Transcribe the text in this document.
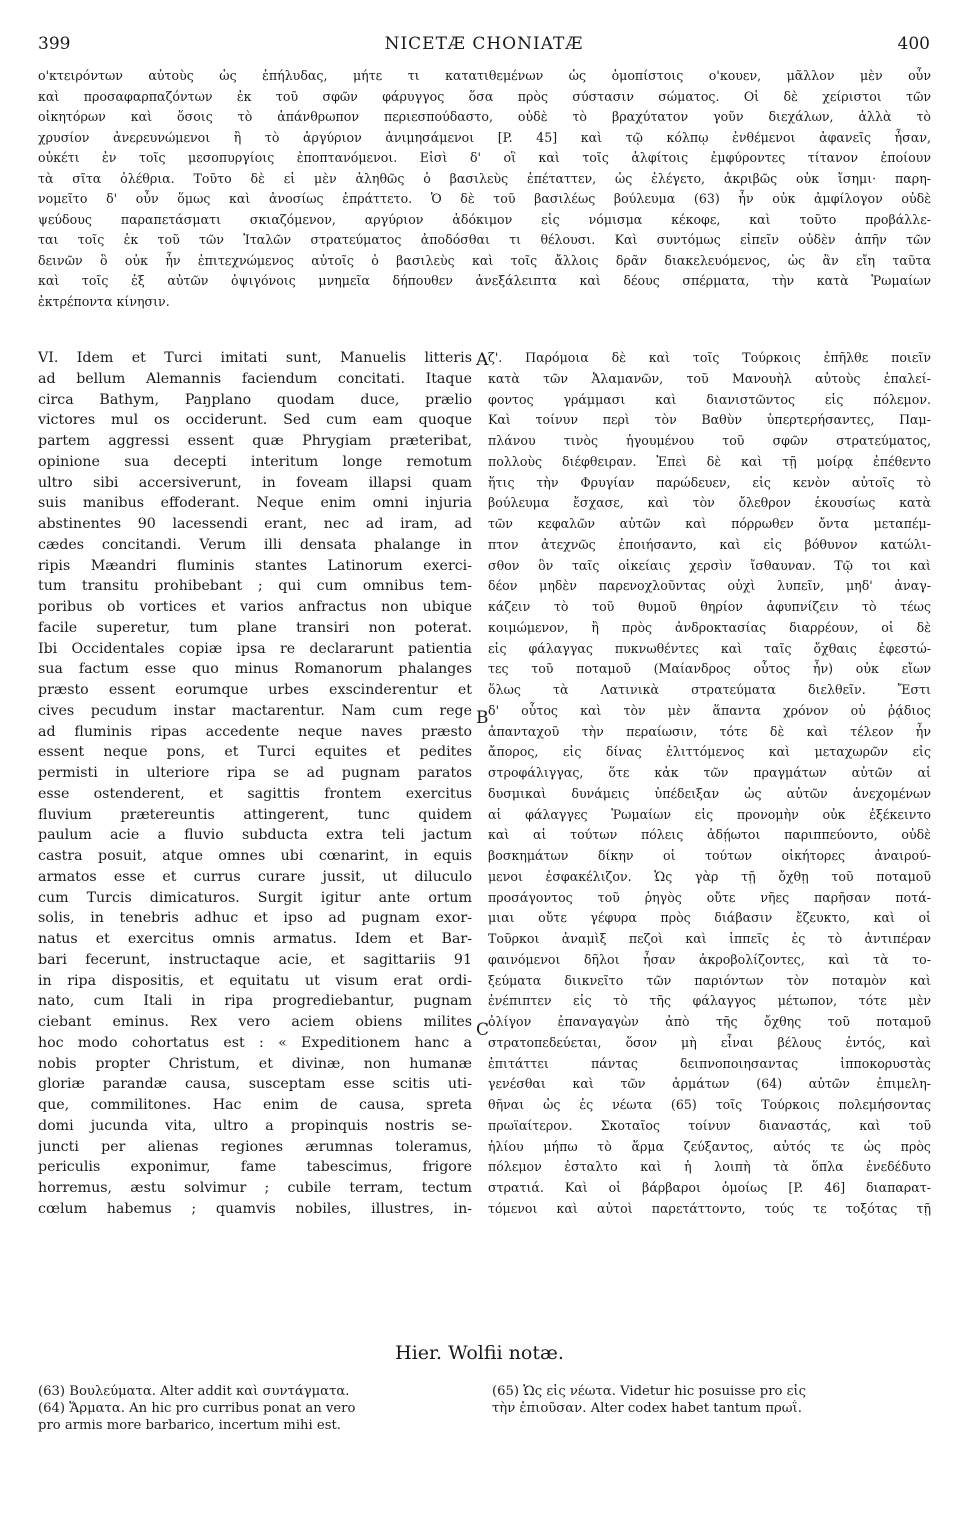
399	NICETÆ CHONIATÆ	400
ο'κτειρόντων αὐτοὺς ὡς ἐπήλυδας, μήτε τι κατατιθεμένων ὡς ὁμοπίστοις ο'κουεν, μᾶλλον μὲν οὖν
καὶ προσαφαρπαζόντων ἐκ τοῦ σφῶν φάρυγγος ὅσα πρὸς σύστασιν σώματος. Οἱ δὲ χείριστοι τῶν
οἰκητόρων καὶ ὅσοις τὸ ἀπάνθρωπον περιεσπούδαστο, οὐδὲ τὸ βραχύτατον γοῦν διεχάλων, ἀλλὰ τὸ
χρυσίον ἀνερευνώμενοι ἢ τὸ ἀργύριον ἀνιμησάμενοι [P. 45] καὶ τῷ κόλπῳ ἐνθέμενοι ἀφανεῖς ἦσαν,
οὐκέτι ἐν τοῖς μεσοπυργίοις ἐποπτανόμενοι. Εἰσὶ δ' οἳ καὶ τοῖς ἀλφίτοις ἐμφύροντες τίτανον ἐποίουν
τὰ σῖτα ὀλέθρια. Τοῦτο δὲ εἰ μὲν ἀληθῶς ὁ βασιλεὺς ἐπέταττεν, ὡς ἐλέγετο, ἀκριβῶς οὐκ ἴσημι· παρη-
νομεῖτο δ' οὖν ὅμως καὶ ἀνοσίως ἐπράττετο. Ὁ δὲ τοῦ βασιλέως βούλευμα (63) ἦν οὐκ ἀμφίλογον οὐδὲ
ψεύδους παραπετάσματι σκιαζόμενον, αργύριον ἀδόκιμον εἰς νόμισμα κέκοφε, καὶ τοῦτο προβάλλε-
ται τοῖς ἐκ τοῦ τῶν Ἰταλῶν στρατεύματος ἀποδόσθαι τι θέλουσι. Καὶ συντόμως εἰπεῖν οὐδὲν ἀπῆν τῶν
δεινῶν ὃ οὐκ ἦν ἐπιτεχνώμενος αὐτοῖς ὁ βασιλεὺς καὶ τοῖς ἄλλοις δρᾶν διακελευόμενος, ὡς ἂν εἴη ταῦτα
καὶ τοῖς ἐξ αὐτῶν ὀψιγόνοις μνημεῖα δήπουθεν ἀνεξάλειπτα καὶ δέους σπέρματα, τὴν κατὰ Ῥωμαίων
ἐκτρέποντα κίνησιν.
VI. Idem et Turci imitati sunt, Manuelis litteris
ad bellum Alemannis faciendum concitati. Itaque
circa Bathym, Paŋplano quodam duce, prælio
victores mul os occiderunt. Sed cum eam quoque
partem aggressi essent quæ Phrygiam præteribat,
opinione sua decepti interitum longe remotum
ultro sibi accersiverunt, in foveam illapsi quam
suis manibus effoderant. Neque enim omni injuria
abstinentes 90 lacessendi erant, nec ad iram, ad
cædes concitandi. Verum illi densata phalange in
ripis Mæandri fluminis stantes Latinorum exerci-
tum transitu prohibebant ; qui cum omnibus tem-
poribus ob vortices et varios anfractus non ubique
facile superetur, tum plane transiri non poterat.
Ibi Occidentales copiæ ipsa re declararunt patientia
sua factum esse quo minus Romanorum phalanges
præsto essent eorumque urbes exscinderentur et
cives pecudum instar mactarentur. Nam cum rege
ad fluminis ripas accedente neque naves præsto
essent neque pons, et Turci equites et pedites
permisti in ulteriore ripa se ad pugnam paratos
esse ostenderent, et sagittis frontem exercitus
fluvium prætereuntis attingerent, tunc quidem
paulum acie a fluvio subducta extra teli jactum
castra posuit, atque omnes ubi cœnarint, in equis
armatos esse et currus curare jussit, ut diluculo
cum Turcis dimicaturos. Surgit igitur ante ortum
solis, in tenebris adhuc et ipso ad pugnam exor-
natus et exercitus omnis armatus. Idem et Bar-
bari fecerunt, instructaque acie, et sagittariis 91
in ripa dispositis, et equitatu ut visum erat ordi-
nato, cum Itali in ripa progrediebantur, pugnam
ciebant eminus. Rex vero aciem obiens milites
hoc modo cohortatus est : « Expeditionem hanc a
nobis propter Christum, et divinæ, non humanæ
gloriæ parandæ causa, susceptam esse scitis uti-
que, commilitones. Hac enim de causa, spreta
domi jucunda vita, ultro a propinquis nostris se-
juncti per alienas regiones ærumnas toleramus,
periculis exponimur, fame tabescimus, frigore
horremus, æstu solvimur ; cubile terram, tectum
cœlum habemus ; quamvis nobiles, illustres, in-
ζ'. Παρόμοια δὲ καὶ τοῖς Τούρκοις ἐπῆλθε ποιεῖν
κατὰ τῶν Ἀλαμανῶν, τοῦ Μανουὴλ αὐτοὺς ἐπαλεί-
φοντος γράμμασι καὶ διανιστῶντος εἰς πόλεμον.
Καὶ τοίνυν περὶ τὸν Βαθὺν ὑπερτερήσαντες, Παμ-
πλάνου τινὸς ἡγουμένου τοῦ σφῶν στρατεύματος,
πολλοὺς διέφθειραν. Ἐπεὶ δὲ καὶ τῇ μοίρᾳ ἐπέθεντο
ἥτις τὴν Φρυγίαν παρώδευεν, εἰς κενὸν αὐτοῖς τὸ
βούλευμα ἔσχασε, καὶ τὸν ὄλεθρον ἑκουσίως κατὰ
τῶν κεφαλῶν αὐτῶν καὶ πόρρωθεν ὄντα μεταπέμ-
πτον ἀτεχνῶς ἐποιήσαντο, καὶ εἰς βόθυνον κατώλι-
σθον ὃν ταῖς οἰκείαις χερσὶν ἴσθαυναν. Τῷ τοι καὶ
δέον μηδὲν παρενοχλοῦντας οὐχὶ λυπεῖν, μηδ' ἀναγ-
κάζειν τὸ τοῦ θυμοῦ θηρίον ἀφυπνίζειν τὸ τέως
κοιμώμενον, ἢ πρὸς ἀνδροκτασίας διαρρέουν, οἱ δὲ
εἰς φάλαγγας πυκνωθέντες καὶ ταῖς ὄχθαις ἐφεστώ-
τες τοῦ ποταμοῦ (Μαίανδρος οὗτος ἦν) οὐκ εἴων
ὅλως τὰ Λατινικὰ στρατεύματα διελθεῖν. Ἔστι
δ' οὗτος καὶ τὸν μὲν ἅπαντα χρόνον οὐ ῥᾴδιος
ἁπανταχοῦ τὴν περαίωσιν, τότε δὲ καὶ τέλεον ἦν
ἄπορος, εἰς δίνας ἑλιττόμενος καὶ μεταχωρῶν εἰς
στροφάλιγγας, ὅτε κἀκ τῶν πραγμάτων αὐτῶν αἱ
δυσμικαὶ δυνάμεις ὑπέδειξαν ὡς αὐτῶν ἀνεχομένων
αἱ φάλαγγες Ῥωμαίων εἰς προνομὴν οὐκ ἐξέκειντο
καὶ αἱ τούτων πόλεις ἀδῄωτοι παριππεύοντο, οὐδὲ
βοσκημάτων δίκην οἱ τούτων οἰκήτορες ἀναιρού-
μενοι ἐσφακέλιζον. Ὡς γὰρ τῇ ὄχθῃ τοῦ ποταμοῦ
προσάγοντος τοῦ ῥηγὸς οὔτε νῆες παρῆσαν ποτά-
μιαι οὔτε γέφυρα πρὸς διάβασιν ἔζευκτο, καὶ οἱ
Τοῦρκοι ἀναμὶξ πεζοὶ καὶ ἱππεῖς ἐς τὸ ἀντιπέραν
φαινόμενοι δῆλοι ἦσαν ἀκροβολίζοντες, καὶ τὰ το-
ξεύματα διικνεῖτο τῶν παριόντων τὸν ποταμὸν καὶ
ἐνέπιπτεν εἰς τὸ τῆς φάλαγγος μέτωπον, τότε μὲν
ὀλίγον ἐπαναγαγὼν ἀπὸ τῆς ὄχθης τοῦ ποταμοῦ
στρατοπεδεύεται, ὅσον μὴ εἶναι βέλους ἐντός, καὶ
ἐπιτάττει πάντας δειπνοποιησαντας ἱπποκορυστὰς
γενέσθαι καὶ τῶν ἁρμάτων (64) αὐτῶν ἐπιμελη-
θῆναι ὡς ἐς νέωτα (65) τοῖς Τούρκοις πολεμήσοντας
πρωϊαίτερον. Σκοταῖος τοίνυν διαναστάς, καὶ τοῦ
ἡλίου μήπω τὸ ἅρμα ζεύξαντος, αὐτός τε ὡς πρὸς
πόλεμον ἐσταλτο καὶ ἡ λοιπὴ τὰ ὅπλα ἐνεδέδυτο
στρατιά. Καὶ οἱ βάρβαροι ὁμοίως [P. 46] διαπαρατ-
τόμενοι καὶ αὐτοὶ παρετάττοντο, τούς τε τοξότας τῇ
A
B
C
Hier. Wolfii notæ.
(63) Βουλεύματα. Alter addit καὶ συντάγματα.
(64) Ἅρματα. An hic pro curribus ponat an vero
pro armis more barbarico, incertum mihi est.
(65) Ὡς εἰς νέωτα. Videtur hic posuisse pro εἰς
τὴν ἐπιοῦσαν. Alter codex habet tantum πρωΐ.
